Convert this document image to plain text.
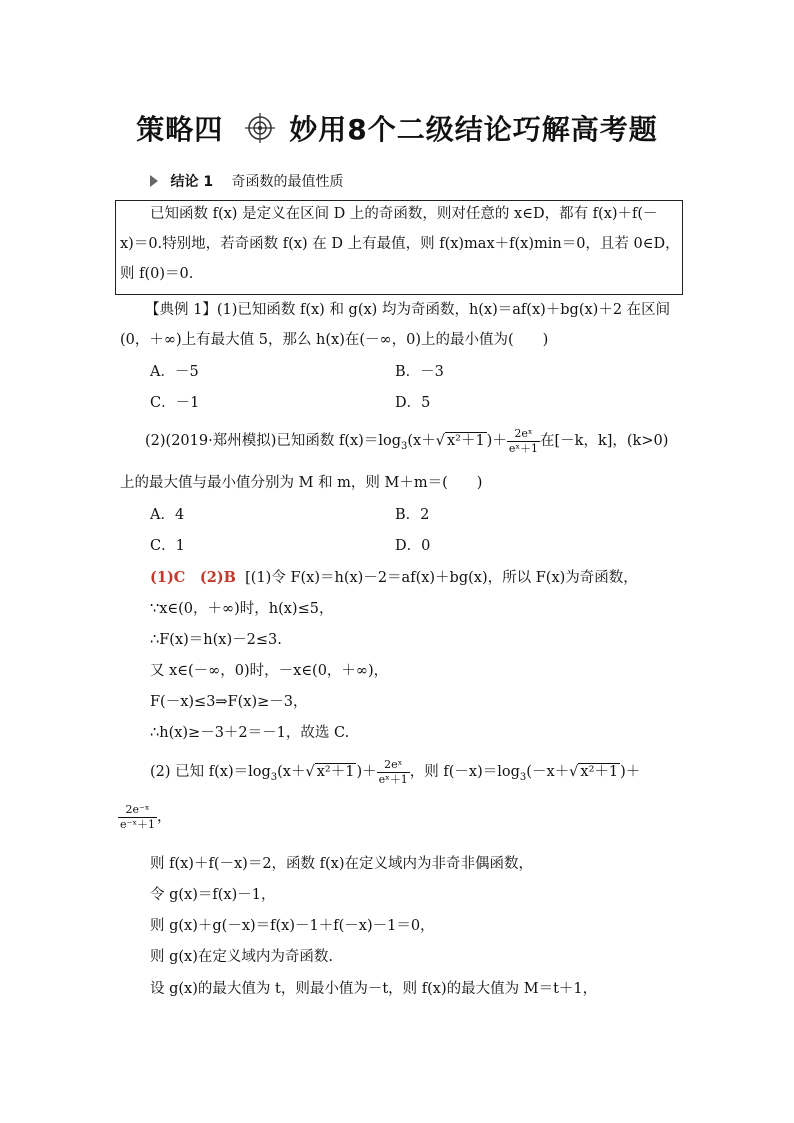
策略四 妙用8个二级结论巧解高考题
结论 1 奇函数的最值性质
已知函数 f(x) 是定义在区间 D 上的奇函数，则对任意的 x∈D，都有 f(x)＋f(－
x)＝0.特别地，若奇函数 f(x) 在 D 上有最值，则 f(x)max＋f(x)min＝0，且若 0∈D，
则 f(0)＝0.
【典例 1】(1)已知函数 f(x) 和 g(x) 均为奇函数，h(x)＝af(x)＋bg(x)＋2 在区间
(0，＋∞)上有最大值 5，那么 h(x)在(－∞，0)上的最小值为(　　)
A．－5	B．－3
C．－1	D．5
(2)(2019·郑州模拟)已知函数 $f(x)=\log_3(x+√$ x²＋1 )＋ $\frac{\text{2eˣ}}{\text{eˣ＋1}}$ 在[－k，k]，(k>0)
上的最大值与最小值分别为 M 和 m，则 M＋m＝(　　)
A．4	B．2
C．1	D．0
(1)C　(2)B [(1)令 F(x)＝h(x)－2＝af(x)＋bg(x)，所以 F(x)为奇函数，
∵x∈(0，＋∞)时，h(x)≤5，
∴F(x)＝h(x)－2≤3.
又 x∈(－∞，0)时，－x∈(0，＋∞)，
F(－x)≤3⇒F(x)≥－3，
∴h(x)≥－3＋2＝－1，故选 C.
(2) 已知 $f(x)=\log_3(x+√$ x²＋1 )＋ $\frac{\text{2eˣ}}{\text{eˣ＋1}}$ ，则 $f(-x)=\log_3(-x+√$ x²＋1 )＋
$\frac{\text{2e⁻ˣ}}{\text{e⁻ˣ＋1}}$ ，
则 f(x)＋f(－x)＝2，函数 f(x)在定义域内为非奇非偶函数，
令 g(x)＝f(x)－1，
则 g(x)＋g(－x)＝f(x)－1＋f(－x)－1＝0，
则 g(x)在定义域内为奇函数.
设 g(x)的最大值为 t，则最小值为－t，则 f(x)的最大值为 M＝t＋1，
